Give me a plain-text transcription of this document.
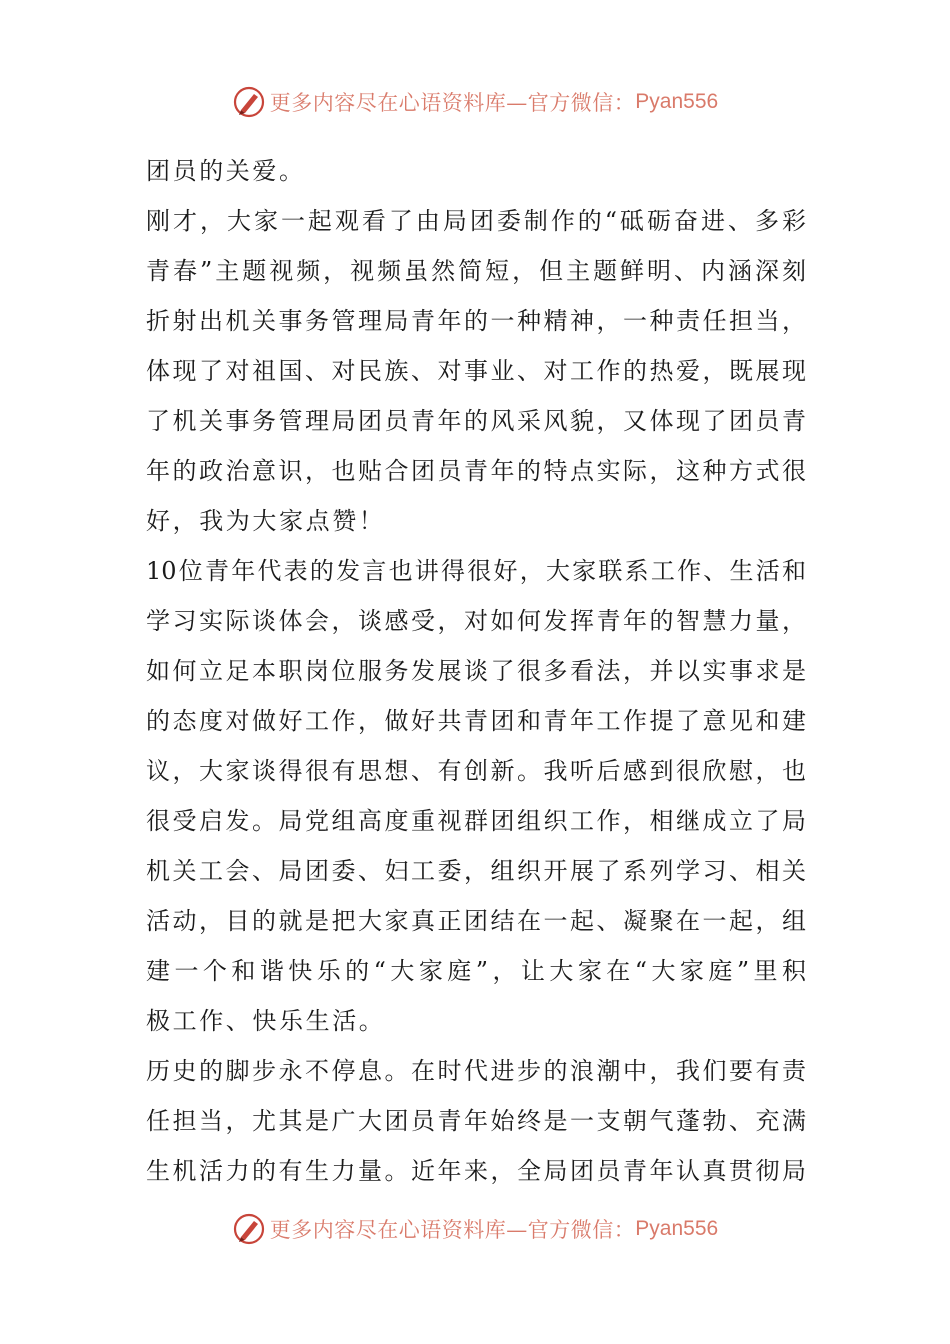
更多内容尽在心语资料库—官方微信： Pyan556
团员的关爱。
刚才，大家一起观看了由局团委制作的“砥砺奋进、多彩
青春”主题视频，视频虽然简短，但主题鲜明、内涵深刻
折射出机关事务管理局青年的一种精神，一种责任担当，
体现了对祖国、对民族、对事业、对工作的热爱，既展现
了机关事务管理局团员青年的风采风貌，又体现了团员青
年的政治意识，也贴合团员青年的特点实际，这种方式很
好，我为大家点赞！
10位青年代表的发言也讲得很好，大家联系工作、生活和
学习实际谈体会，谈感受，对如何发挥青年的智慧力量，
如何立足本职岗位服务发展谈了很多看法，并以实事求是
的态度对做好工作，做好共青团和青年工作提了意见和建
议，大家谈得很有思想、有创新。我听后感到很欣慰，也
很受启发。局党组高度重视群团组织工作，相继成立了局
机关工会、局团委、妇工委，组织开展了系列学习、相关
活动，目的就是把大家真正团结在一起、凝聚在一起，组
建一个和谐快乐的“大家庭”，让大家在“大家庭”里积
极工作、快乐生活。
历史的脚步永不停息。在时代进步的浪潮中，我们要有责
任担当，尤其是广大团员青年始终是一支朝气蓬勃、充满
生机活力的有生力量。近年来，全局团员青年认真贯彻局
更多内容尽在心语资料库—官方微信： Pyan556
